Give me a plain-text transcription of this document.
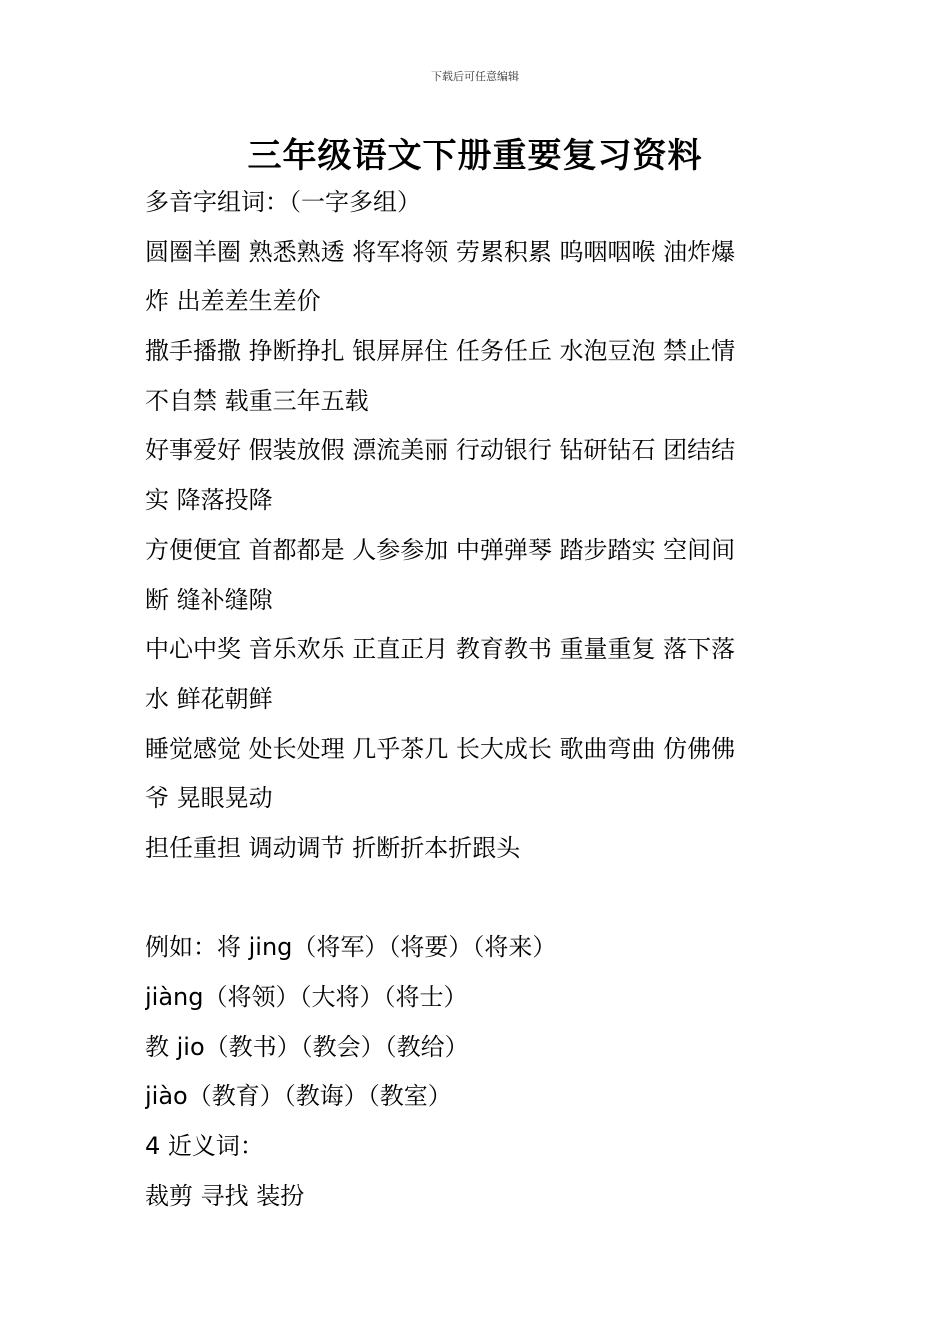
下载后可任意编辑
三年级语文下册重要复习资料
多音字组词：（一字多组）
圆圈羊圈 熟悉熟透 将军将领 劳累积累 呜咽咽喉 油炸爆
炸 出差差生差价
撒手播撒 挣断挣扎 银屏屏住 任务任丘 水泡豆泡 禁止情
不自禁 载重三年五载
好事爱好 假装放假 漂流美丽 行动银行 钻研钻石 团结结
实 降落投降
方便便宜 首都都是 人参参加 中弹弹琴 踏步踏实 空间间
断 缝补缝隙
中心中奖 音乐欢乐 正直正月 教育教书 重量重复 落下落
水 鲜花朝鲜
睡觉感觉 处长处理 几乎茶几 长大成长 歌曲弯曲 仿佛佛
爷 晃眼晃动
担任重担 调动调节 折断折本折跟头
例如：将 jing（将军）（将要）（将来）
jiàng（将领）（大将）（将士）
教 jio（教书）（教会）（教给）
jiào（教育）（教诲）（教室）
4 近义词：
裁剪 寻找 装扮
